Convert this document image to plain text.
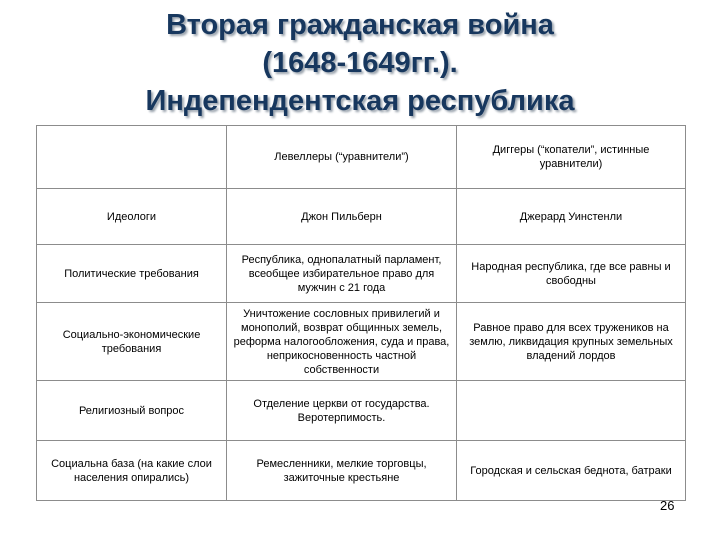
Вторая гражданская война
(1648-1649гг.).
Индепендентская республика
	Левеллеры (“уравнители”)	Диггеры (“копатели”, истинные уравнители)
Идеологи	Джон Пильберн	Джерард Уинстенли
Политические требования	Республика, однопалатный парламент, всеобщее избирательное право для мужчин с 21 года	Народная республика, где все равны и свободны
Социально-экономические требования	Уничтожение сословных привилегий и монополий, возврат общинных земель, реформа налогообложения, суда и права, неприкосновенность частной собственности	Равное право для всех тружеников на землю, ликвидация крупных земельных владений лордов
Религиозный вопрос	Отделение церкви от государства. Веротерпимость.	
Социальна база (на какие слои населения опирались)	Ремесленники, мелкие торговцы, зажиточные крестьяне	Городская и сельская беднота, батраки
26
